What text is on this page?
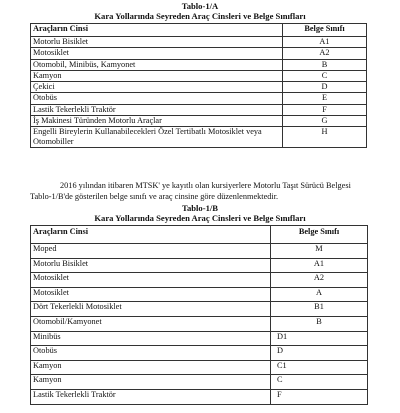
Tablo-1/A
Kara Yollarında Seyreden Araç Cinsleri ve Belge Sınıfları
Araçların Cinsi	Belge Sınıfı
Motorlu Bisiklet	A1
Motosiklet	A2
Otomobil, Minibüs, Kamyonet	B
Kamyon	C
Çekici	D
Otobüs	E
Lastik Tekerlekli Traktör	F
İş Makinesi Türünden Motorlu Araçlar	G
Engelli Bireylerin Kullanabilecekleri Özel Tertibatlı Motosiklet veya Otomobiller	H
2016 yılından itibaren MTSK' ye kayıtlı olan kursiyerlere Motorlu Taşıt Sürücü Belgesi
Tablo-1/B'de gösterilen belge sınıfı ve araç cinsine göre düzenlenmektedir.
Tablo-1/B
Kara Yollarında Seyreden Araç Cinsleri ve Belge Sınıfları
Araçların Cinsi	Belge Sınıfı
Moped	M
Motorlu Bisiklet	A1
Motosiklet	A2
Motosiklet	A
Dört Tekerlekli Motosiklet	B1
Otomobil/Kamyonet	B
Minibüs	D1
Otobüs	D
Kamyon	C1
Kamyon	C
Lastik Tekerlekli Traktör	F
